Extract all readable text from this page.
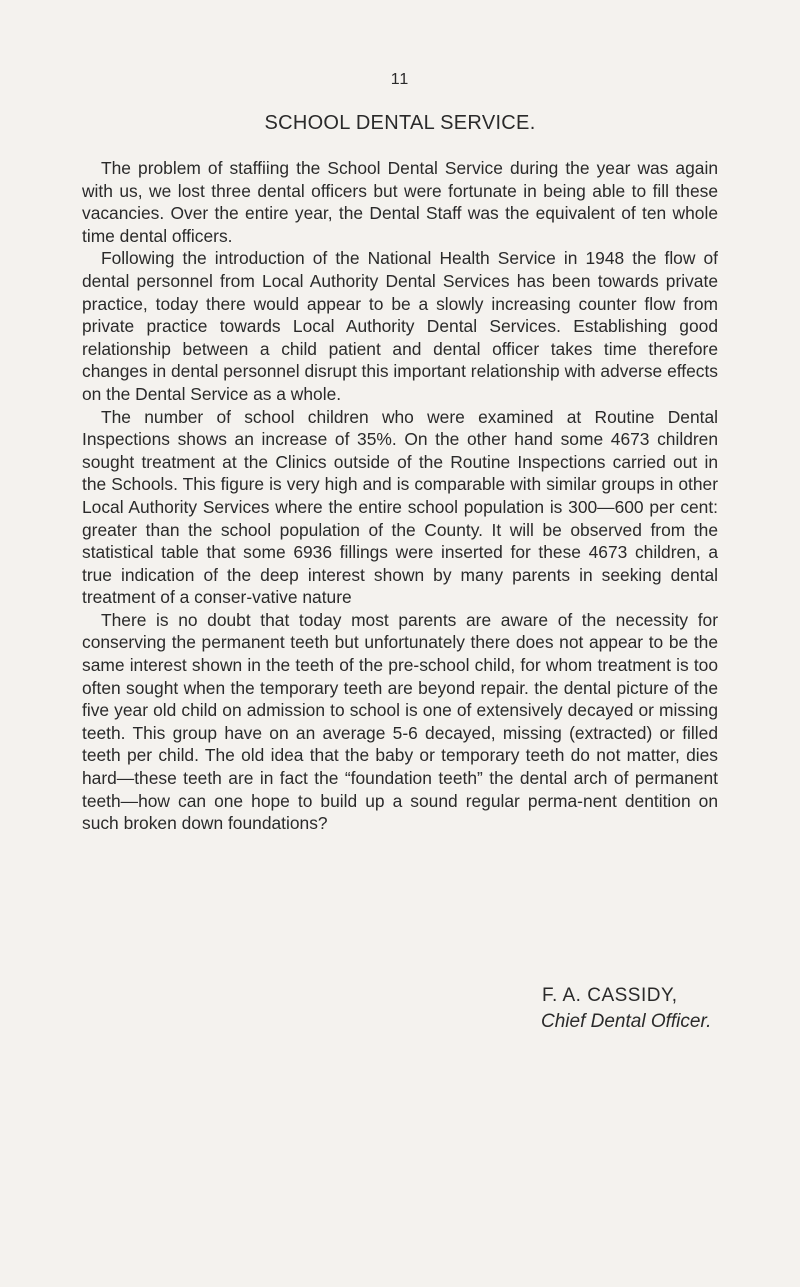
11
SCHOOL DENTAL SERVICE.

The problem of staffiing the School Dental Service during the year was again with us, we lost three dental officers but were fortunate in being able to fill these vacancies. Over the entire year, the Dental Staff was the equivalent of ten whole time dental officers.

Following the introduction of the National Health Service in 1948 the flow of dental personnel from Local Authority Dental Services has been towards private practice, today there would appear to be a slowly increasing counter flow from private practice towards Local Authority Dental Services. Establishing good relationship between a child patient and dental officer takes time therefore changes in dental personnel disrupt this important relationship with adverse effects on the Dental Service as a whole.

The number of school children who were examined at Routine Dental Inspections shows an increase of 35%. On the other hand some 4673 children sought treatment at the Clinics outside of the Routine Inspections carried out in the Schools. This figure is very high and is comparable with similar groups in other Local Authority Services where the entire school population is 300—600 per cent: greater than the school population of the County. It will be observed from the statistical table that some 6936 fillings were inserted for these 4673 children, a true indication of the deep interest shown by many parents in seeking dental treatment of a conser-vative nature

There is no doubt that today most parents are aware of the necessity for conserving the permanent teeth but unfortunately there does not appear to be the same interest shown in the teeth of the pre-school child, for whom treatment is too often sought when the temporary teeth are beyond repair. the dental picture of the five year old child on admission to school is one of extensively decayed or missing teeth. This group have on an average 5-6 decayed, missing (extracted) or filled teeth per child. The old idea that the baby or temporary teeth do not matter, dies hard—these teeth are in fact the “foundation teeth” the dental arch of permanent teeth—how can one hope to build up a sound regular perma-nent dentition on such broken down foundations?

F. A. CASSIDY,
Chief Dental Officer.
